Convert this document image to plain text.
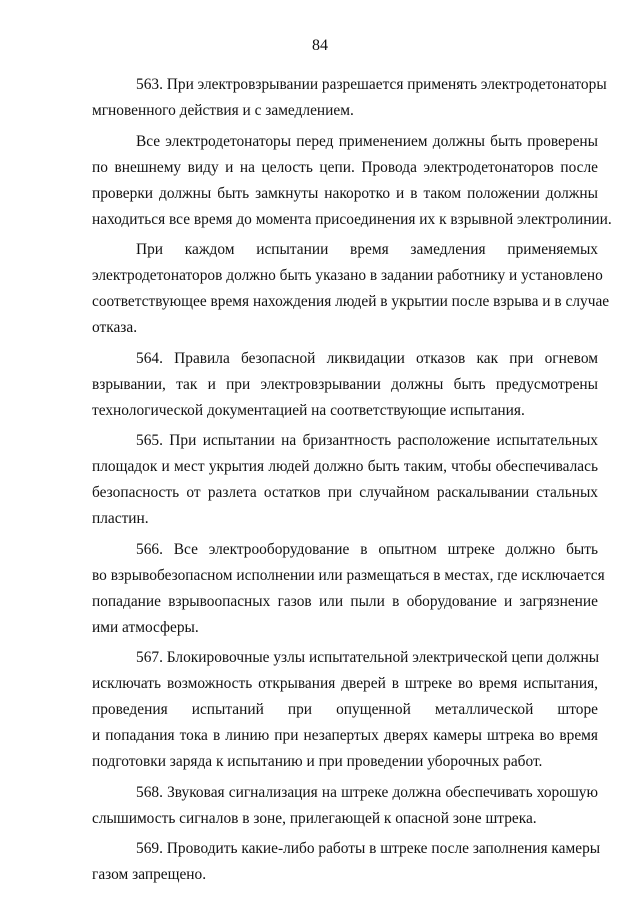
84
563. При электровзрывании разрешается применять электродетонаторы
мгновенного действия и с замедлением.
Все электродетонаторы перед применением должны быть проверены
по внешнему виду и на целость цепи. Провода электродетонаторов после
проверки должны быть замкнуты накоротко и в таком положении должны
находиться все время до момента присоединения их к взрывной электролинии.
При каждом испытании время замедления применяемых
электродетонаторов должно быть указано в задании работнику и установлено
соответствующее время нахождения людей в укрытии после взрыва и в случае
отказа.
564. Правила безопасной ликвидации отказов как при огневом
взрывании, так и при электровзрывании должны быть предусмотрены
технологической документацией на соответствующие испытания.
565. При испытании на бризантность расположение испытательных
площадок и мест укрытия людей должно быть таким, чтобы обеспечивалась
безопасность от разлета остатков при случайном раскалывании стальных
пластин.
566. Все электрооборудование в опытном штреке должно быть
во взрывобезопасном исполнении или размещаться в местах, где исключается
попадание взрывоопасных газов или пыли в оборудование и загрязнение
ими атмосферы.
567. Блокировочные узлы испытательной электрической цепи должны
исключать возможность открывания дверей в штреке во время испытания,
проведения испытаний при опущенной металлической шторе
и попадания тока в линию при незапертых дверях камеры штрека во время
подготовки заряда к испытанию и при проведении уборочных работ.
568. Звуковая сигнализация на штреке должна обеспечивать хорошую
слышимость сигналов в зоне, прилегающей к опасной зоне штрека.
569. Проводить какие-либо работы в штреке после заполнения камеры
газом запрещено.
